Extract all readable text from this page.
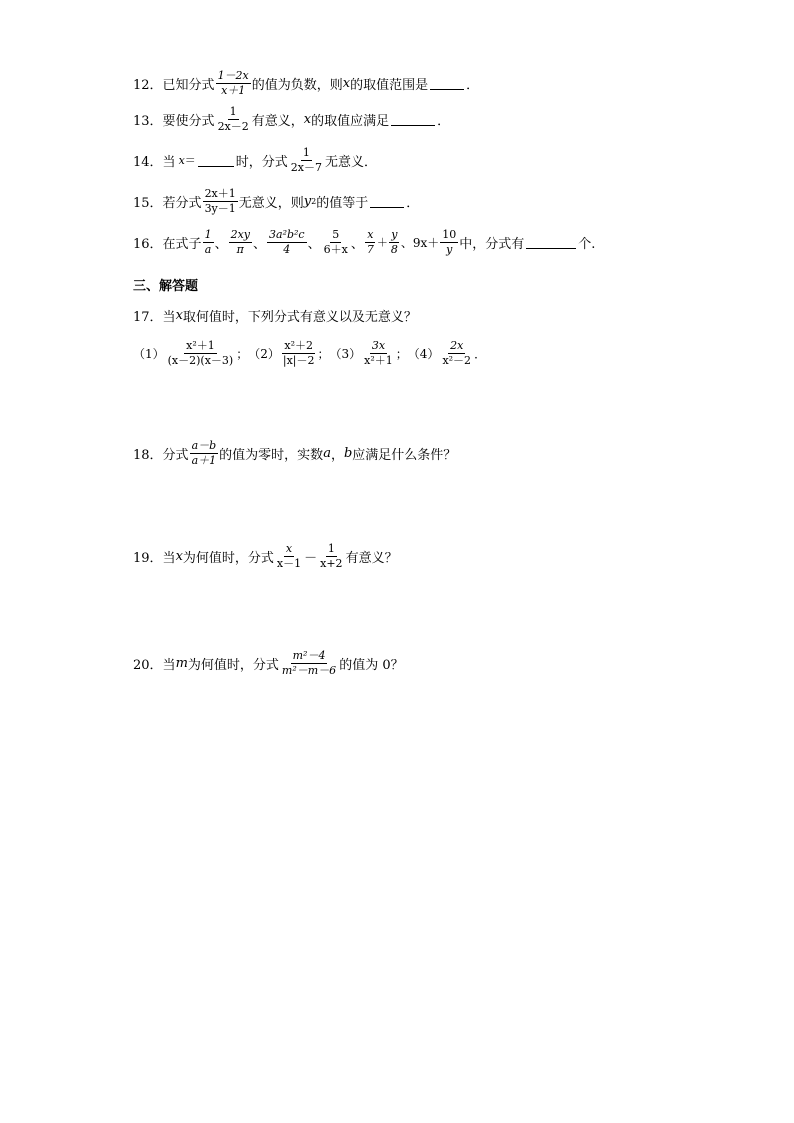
12． 已知分式 $\frac{1-2x}{x+1}$ 的值为负数，则 x 的取值范围是	．
13． 要使分式 $\frac{1}{2x-2}$ 有意义， x 的取值应满足	．
14． 当 x ＝	时，分式 $\frac{1}{2x-7}$ 无意义．
15． 若分式 $\frac{2x+1}{3y-1}$ 无意义，则 y 2 的值等于	．
16． 在式子 $\frac{1}{a}$ 、 $\frac{2xy}{\pi}$ 、 $\frac{\text{3a²b²c}}{4}$ 、 $\frac{5}{6+x}$ 、 $\frac{x}{7} + \frac{y}{8}$ 、$9x+ \frac{10}{y}$ 中，分式有	个.
三、解答题
17． 当 x 取何值时，下列分式有意义以及无意义？
$(1) \frac{\text{x²＋1}}{(x-2)(x-3)}$ ； $(2) \frac{\text{x²＋2}}{|x|-2}$ ； $(3) \frac{3x}{\text{x²＋1}}$ ； $(4) \frac{2x}{\text{x²－2}}$ ．
18． 分式 $\frac{a-b}{a+1}$ 的值为零时，实数 a ， b 应满足什么条件？
19． 当 x 为何值时，分式 $\frac{x}{x-1} - \frac{1}{x+2}$ 有意义？
20． 当 m 为何值时，分式 $\frac{\text{m²－4}}{\text{m²－m－6}}$ 的值为 0？
